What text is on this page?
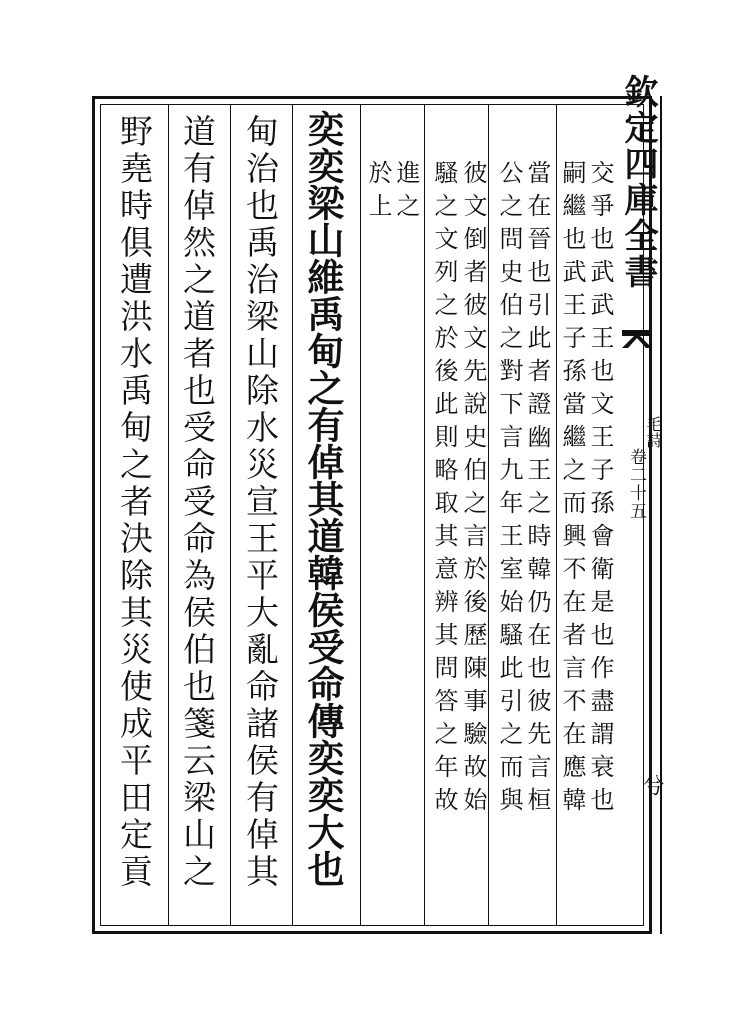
欽定四庫全書
毛詩
卷二十五
兮
交爭也武武王也文王子孫會衛是也作盡謂衰也
嗣繼也武王子孫當繼之而興不在者言不在應韓
當在晉也引此者證幽王之時韓仍在也彼先言桓
公之問史伯之對下言九年王室始騷此引之而與
彼文倒者彼文先說史伯之言於後歷陳事驗故始
騷之文列之於後此則略取其意辨其問答之年故
進之
於上
奕奕梁山維禹甸之有倬其道韓侯受命傳奕奕大也
甸治也禹治梁山除水災宣王平大亂命諸侯有倬其
道有倬然之道者也受命受命為侯伯也箋云梁山之
野堯時俱遭洪水禹甸之者決除其災使成平田定貢
